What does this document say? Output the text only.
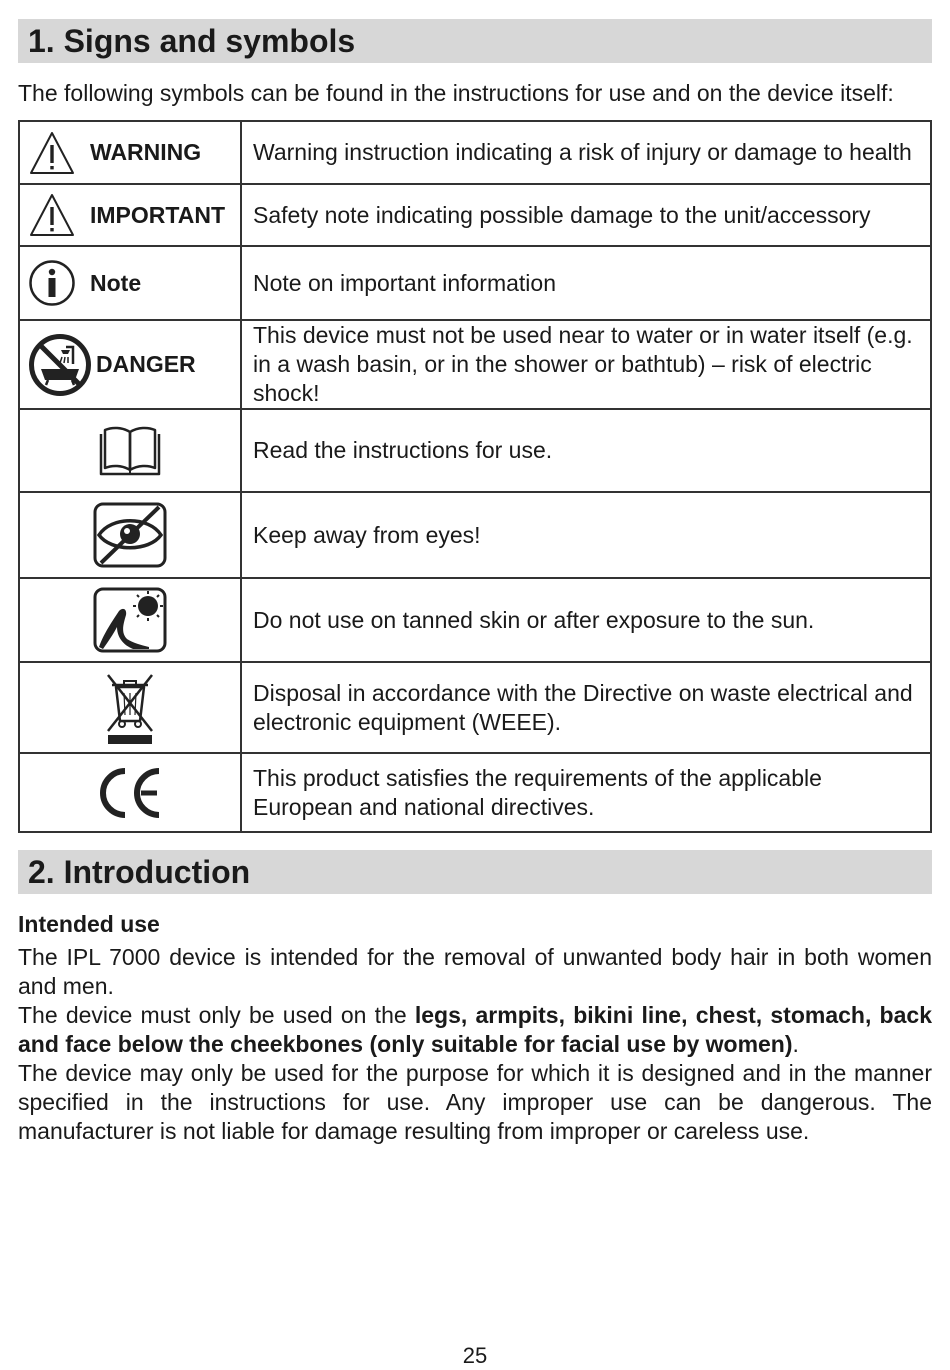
1. Signs and symbols
The following symbols can be found in the instructions for use and on the device itself:
WARNING	Warning instruction indicating a risk of injury or damage to health

IMPORTANT	Safety note indicating possible damage to the unit/accessory

Note	Note on important information

DANGER	This device must not be used near to water or in water itself (e.g. in a wash basin, or in the shower or bathtub) – risk of electric shock!

	Read the instructions for use.

	Keep away from eyes!

	Do not use on tanned skin or after exposure to the sun.

	Disposal in accordance with the Directive on waste electrical and electronic equipment (WEEE).

	This product satisfies the requirements of the applicable European and national directives.
2. Introduction
Intended use
The IPL 7000 device is intended for the removal of unwanted body hair in both women and men.
The device must only be used on the legs, armpits, bikini line, chest, stomach, back and face below the cheekbones (only suitable for facial use by women).
The device may only be used for the purpose for which it is designed and in the manner specified in the instructions for use. Any improper use can be dangerous. The manufacturer is not liable for damage resulting from improper or careless use.
25
